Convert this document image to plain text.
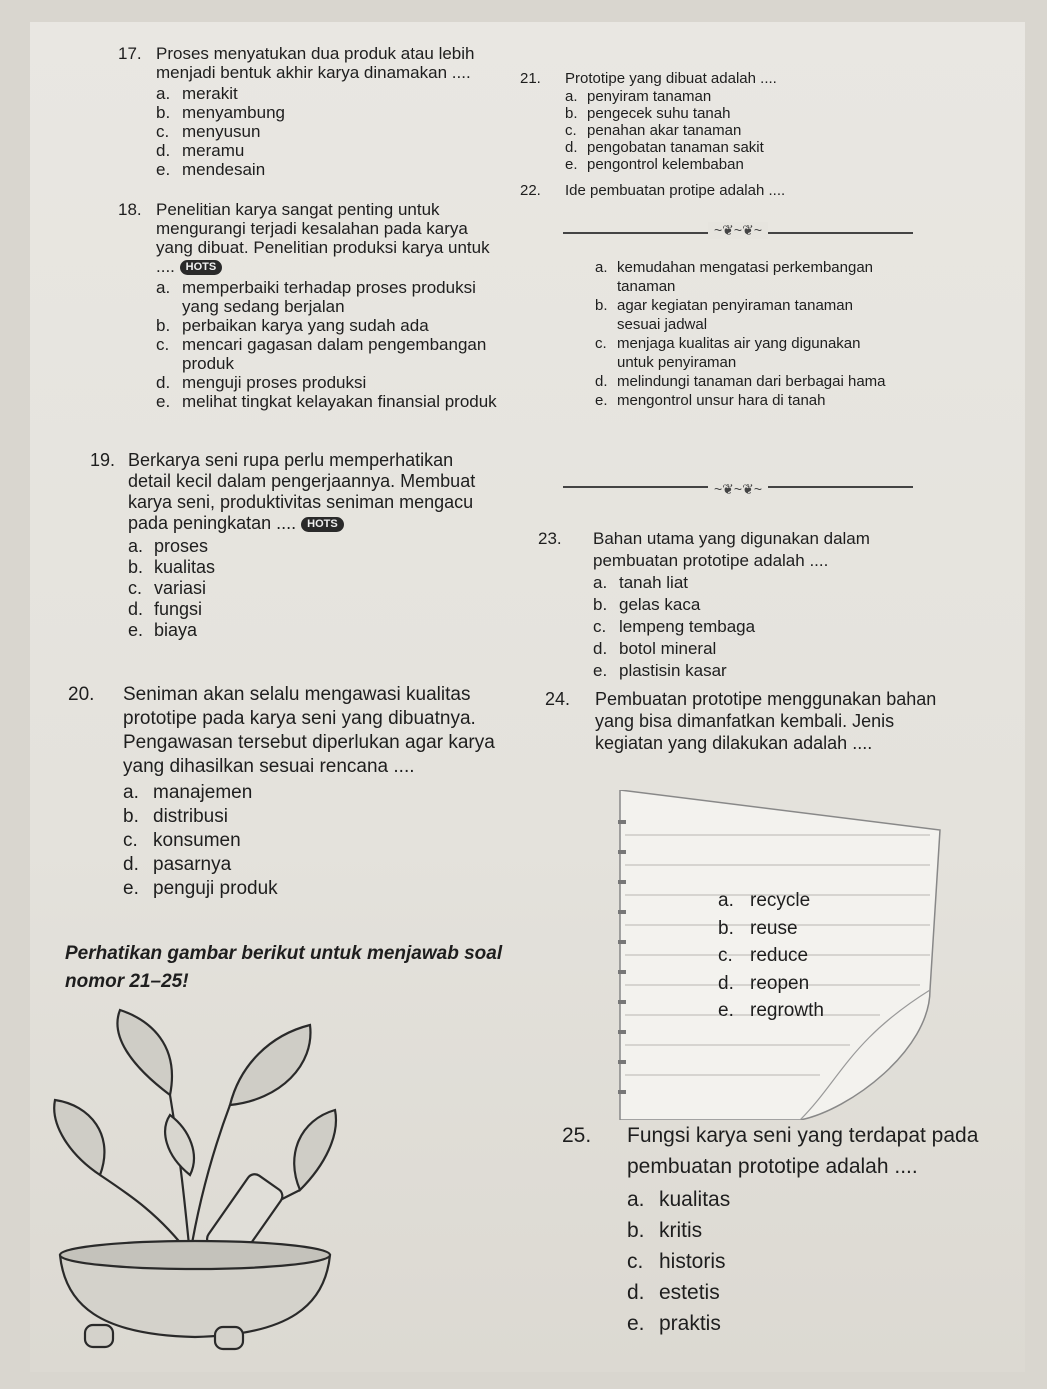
17. Proses menyatukan dua produk atau lebih menjadi bentuk akhir karya dinamakan ....
a. merakit
b. menyambung
c. menyusun
d. meramu
e. mendesain
18. Penelitian karya sangat penting untuk mengurangi terjadi kesalahan pada karya yang dibuat. Penelitian produksi karya untuk .... HOTS
a. memperbaiki terhadap proses produksi yang sedang berjalan
b. perbaikan karya yang sudah ada
c. mencari gagasan dalam pengembangan produk
d. menguji proses produksi
e. melihat tingkat kelayakan finansial produk
19. Berkarya seni rupa perlu memperhatikan detail kecil dalam pengerjaannya. Membuat karya seni, produktivitas seniman mengacu pada peningkatan .... HOTS
a. proses
b. kualitas
c. variasi
d. fungsi
e. biaya
20.	Seniman akan selalu mengawasi kualitas prototipe pada karya seni yang dibuatnya. Pengawasan tersebut diperlukan agar karya yang dihasilkan sesuai rencana ....
a. manajemen
b. distribusi
c. konsumen
d. pasarnya
e. penguji produk
Perhatikan gambar berikut untuk menjawab soal nomor 21–25!
21.	Prototipe yang dibuat adalah ....
a. penyiram tanaman
b. pengecek suhu tanah
c. penahan akar tanaman
d. pengobatan tanaman sakit
e. pengontrol kelembaban
22.	Ide pembuatan protipe adalah ....
~❦~❦~
a. kemudahan mengatasi perkembangan tanaman
b. agar kegiatan penyiraman tanaman sesuai jadwal
c. menjaga kualitas air yang digunakan untuk penyiraman
d. melindungi tanaman dari berbagai hama
e. mengontrol unsur hara di tanah
~❦~❦~
23.	Bahan utama yang digunakan dalam pembuatan prototipe adalah ....
a. tanah liat
b. gelas kaca
c. lempeng tembaga
d. botol mineral
e. plastisin kasar
24.	Pembuatan prototipe menggunakan bahan yang bisa dimanfatkan kembali. Jenis kegiatan yang dilakukan adalah ....
a. recycle
b. reuse
c. reduce
d. reopen
e. regrowth
25.	Fungsi karya seni yang terdapat pada pembuatan prototipe adalah ....
a. kualitas
b. kritis
c. historis
d. estetis
e. praktis
